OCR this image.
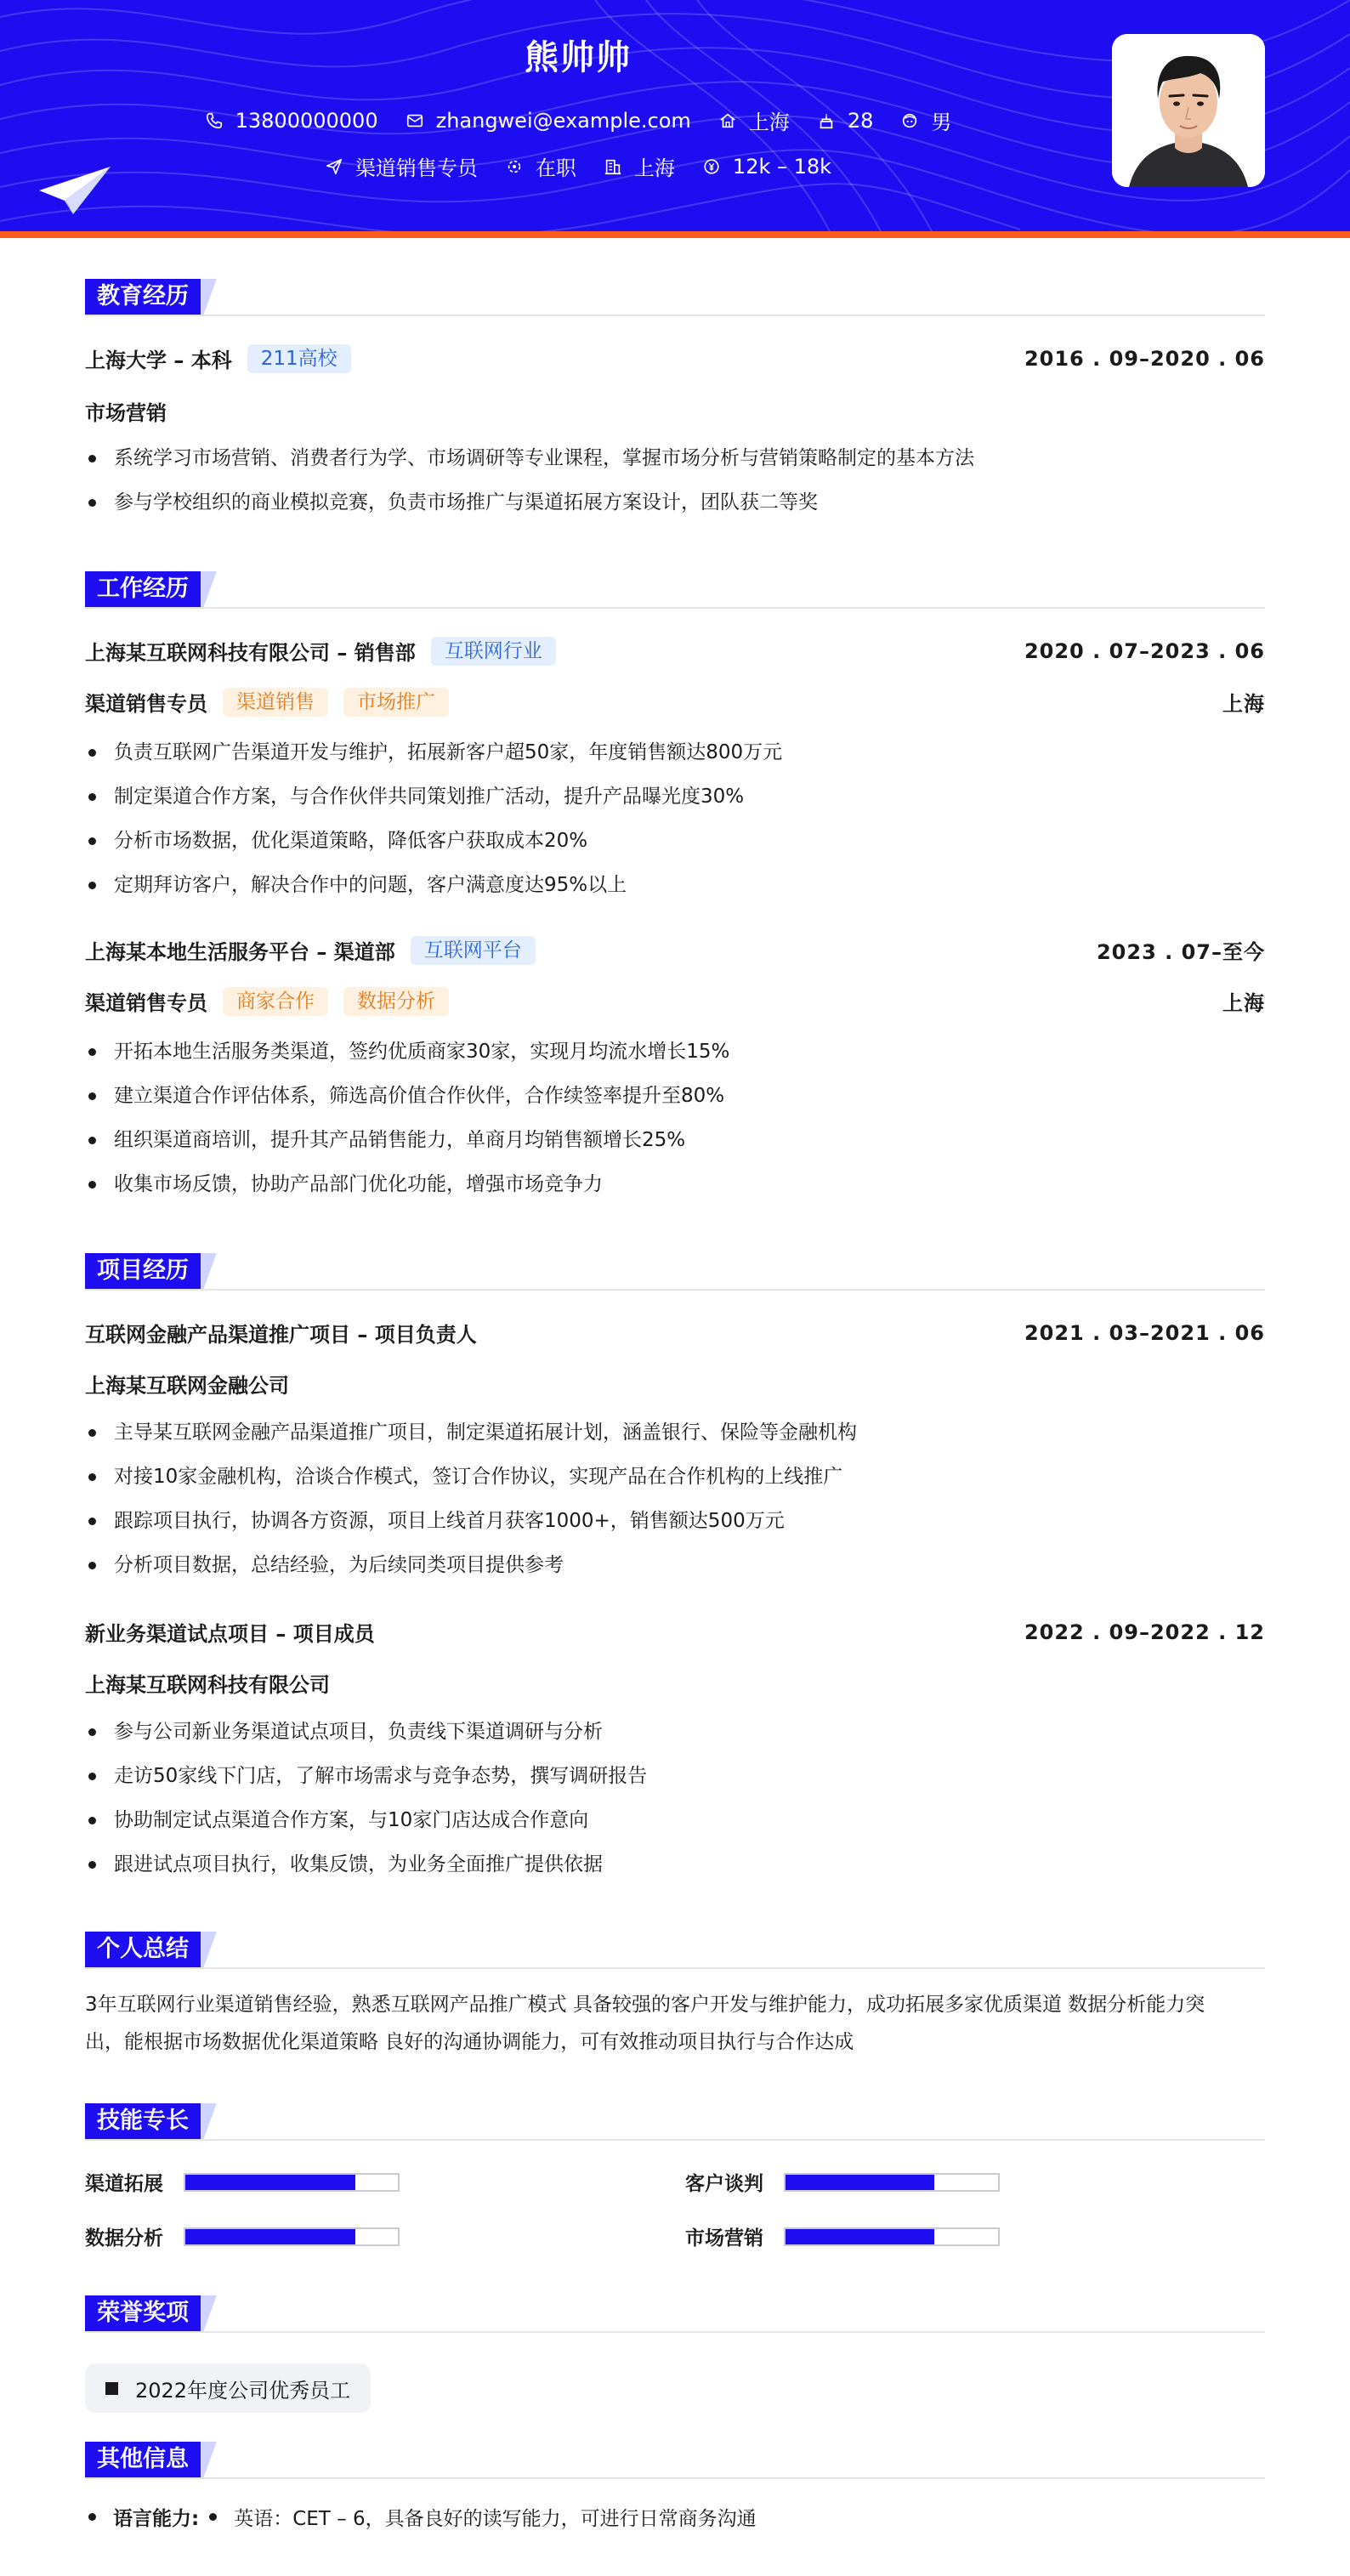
熊帅帅
13800000000	zhangwei@example.com	上海	28	男
渠道销售专员	在职	上海	12k – 18k
教育经历
上海大学 – 本科	211高校	2016 . 09–2020 . 06
市场营销
系统学习市场营销、消费者行为学、市场调研等专业课程，掌握市场分析与营销策略制定的基本方法
参与学校组织的商业模拟竞赛，负责市场推广与渠道拓展方案设计，团队获二等奖
工作经历
上海某互联网科技有限公司 – 销售部	互联网行业	2020 . 07–2023 . 06
渠道销售专员	渠道销售	市场推广	上海
负责互联网广告渠道开发与维护，拓展新客户超50家，年度销售额达800万元
制定渠道合作方案，与合作伙伴共同策划推广活动，提升产品曝光度30%
分析市场数据，优化渠道策略，降低客户获取成本20%
定期拜访客户，解决合作中的问题，客户满意度达95%以上
上海某本地生活服务平台 – 渠道部	互联网平台	2023 . 07–至今
渠道销售专员	商家合作	数据分析	上海
开拓本地生活服务类渠道，签约优质商家30家，实现月均流水增长15%
建立渠道合作评估体系，筛选高价值合作伙伴，合作续签率提升至80%
组织渠道商培训，提升其产品销售能力，单商月均销售额增长25%
收集市场反馈，协助产品部门优化功能，增强市场竞争力
项目经历
互联网金融产品渠道推广项目 – 项目负责人	2021 . 03–2021 . 06
上海某互联网金融公司
主导某互联网金融产品渠道推广项目，制定渠道拓展计划，涵盖银行、保险等金融机构
对接10家金融机构，洽谈合作模式，签订合作协议，实现产品在合作机构的上线推广
跟踪项目执行，协调各方资源，项目上线首月获客1000+，销售额达500万元
分析项目数据，总结经验，为后续同类项目提供参考
新业务渠道试点项目 – 项目成员	2022 . 09–2022 . 12
上海某互联网科技有限公司
参与公司新业务渠道试点项目，负责线下渠道调研与分析
走访50家线下门店，了解市场需求与竞争态势，撰写调研报告
协助制定试点渠道合作方案，与10家门店达成合作意向
跟进试点项目执行，收集反馈，为业务全面推广提供依据
个人总结
3年互联网行业渠道销售经验，熟悉互联网产品推广模式 具备较强的客户开发与维护能力，成功拓展多家优质渠道 数据分析能力突
出，能根据市场数据优化渠道策略 良好的沟通协调能力，可有效推动项目执行与合作达成
技能专长
渠道拓展	客户谈判
数据分析	市场营销
荣誉奖项
2022年度公司优秀员工
其他信息
语言能力: 英语：CET – 6，具备良好的读写能力，可进行日常商务沟通
